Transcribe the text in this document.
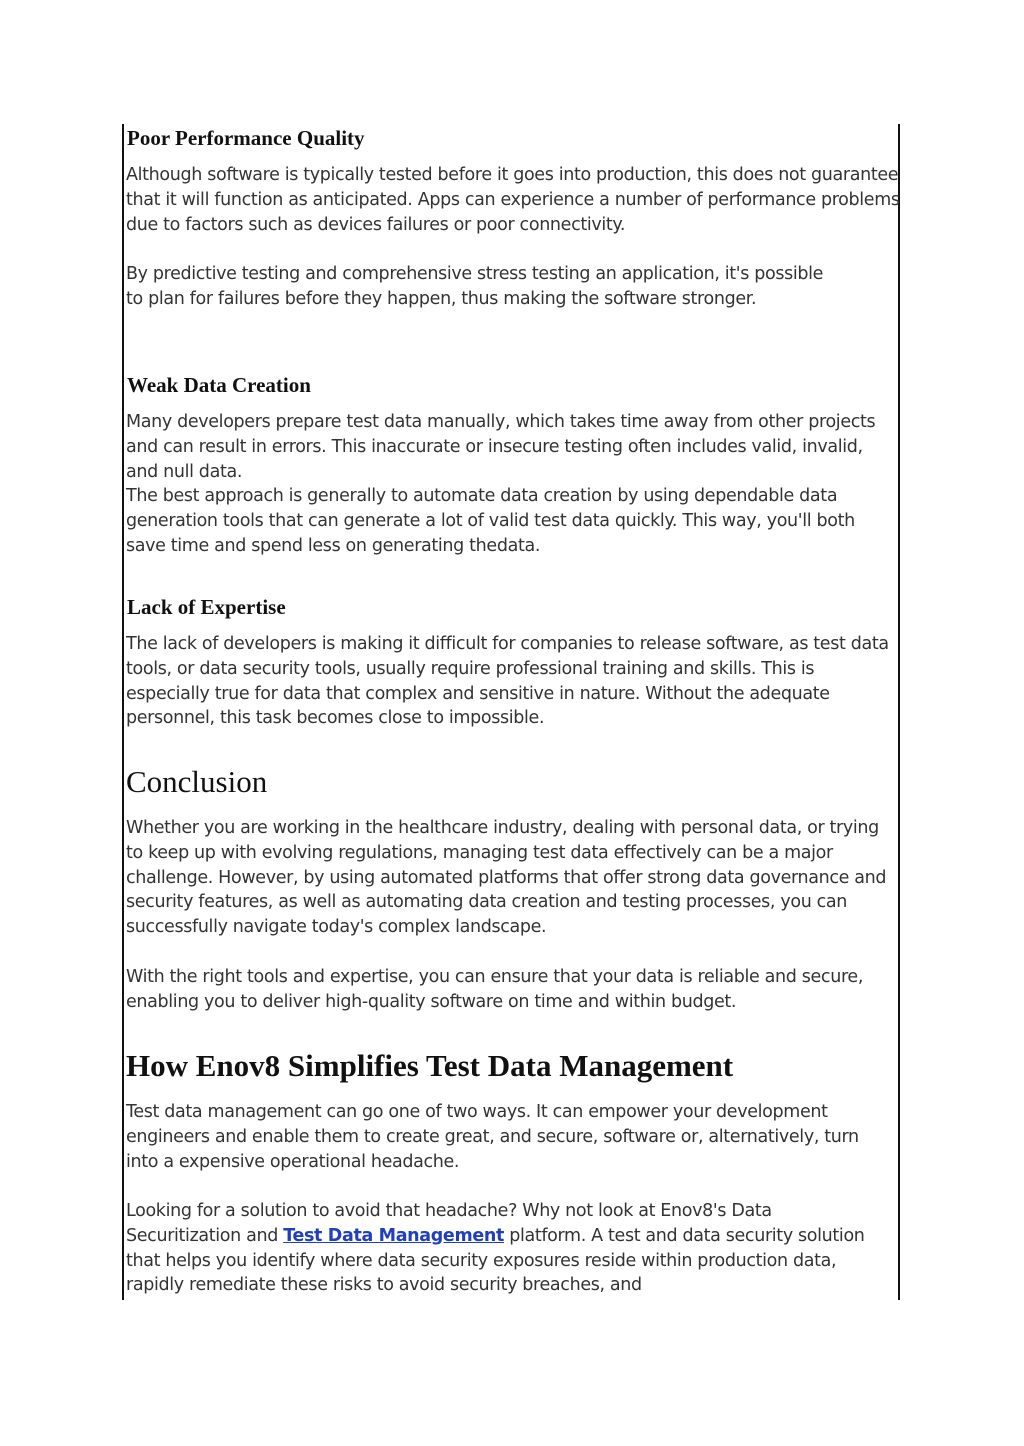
Poor Performance Quality

Although software is typically tested before it goes into production, this does not guarantee that it will function as anticipated. Apps can experience a number of performance problems due to factors such as devices failures or poor connectivity.

By predictive testing and comprehensive stress testing an application, it's possible to plan for failures before they happen, thus making the software stronger.

Weak Data Creation

Many developers prepare test data manually, which takes time away from other projects and can result in errors. This inaccurate or insecure testing often includes valid, invalid, and null data.

The best approach is generally to automate data creation by using dependable data generation tools that can generate a lot of valid test data quickly. This way, you'll both save time and spend less on generating thedata.

Lack of Expertise

The lack of developers is making it difficult for companies to release software, as test data tools, or data security tools, usually require professional training and skills. This is especially true for data that complex and sensitive in nature. Without the adequate personnel, this task becomes close to impossible.

Conclusion

Whether you are working in the healthcare industry, dealing with personal data, or trying to keep up with evolving regulations, managing test data effectively can be a major challenge. However, by using automated platforms that offer strong data governance and security features, as well as automating data creation and testing processes, you can successfully navigate today's complex landscape.

With the right tools and expertise, you can ensure that your data is reliable and secure, enabling you to deliver high-quality software on time and within budget.

How Enov8 Simplifies Test Data Management

Test data management can go one of two ways. It can empower your development engineers and enable them to create great, and secure, software or, alternatively, turn into a expensive operational headache.

Looking for a solution to avoid that headache? Why not look at Enov8's Data Securitization and Test Data Management platform. A test and data security solution that helps you identify where data security exposures reside within production data, rapidly remediate these risks to avoid security breaches, and
